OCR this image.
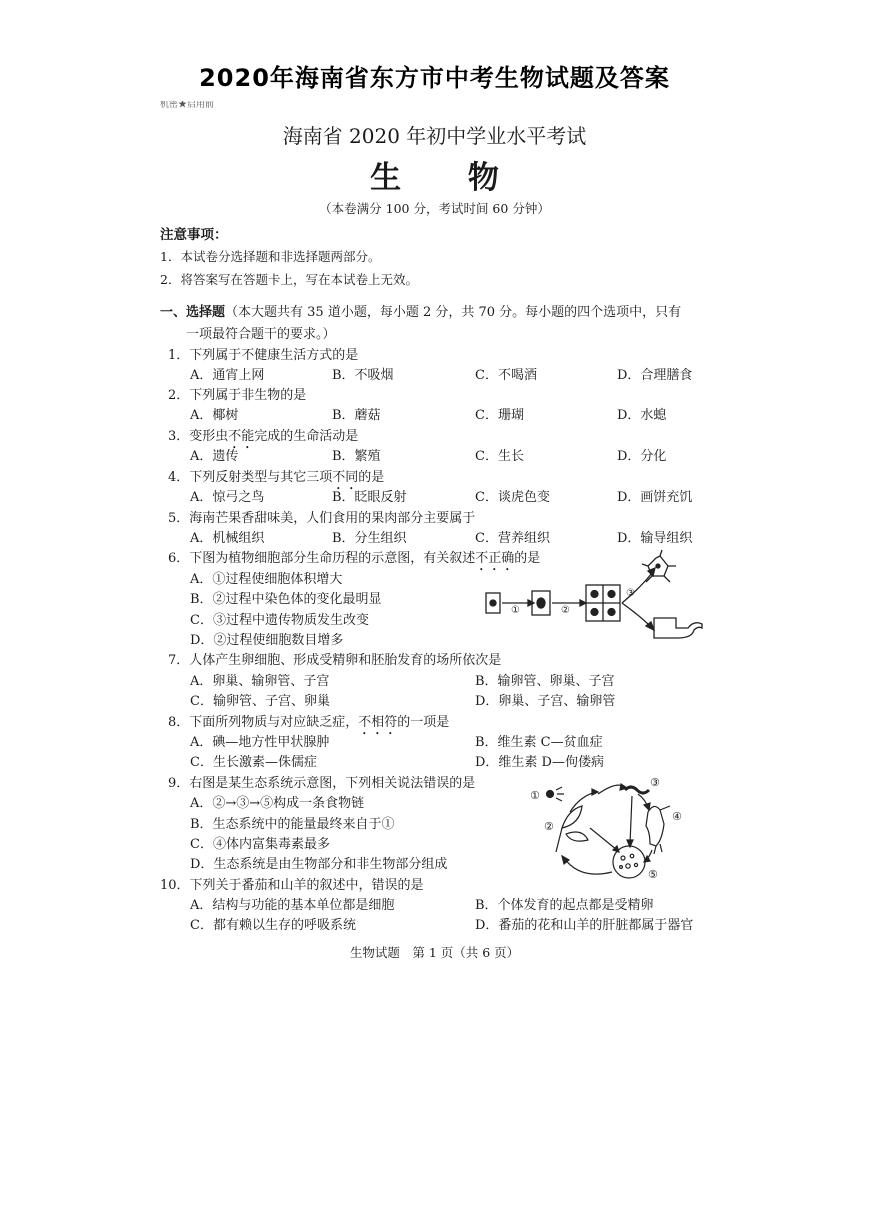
2020年海南省东方市中考生物试题及答案
机密★启用前
海南省 2020 年初中学业水平考试
生 物
（本卷满分 100 分，考试时间 60 分钟）
注意事项：
1．本试卷分选择题和非选择题两部分。
2．将答案写在答题卡上，写在本试卷上无效。
一、选择题（本大题共有 35 道小题，每小题 2 分，共 70 分。每小题的四个选项中，只有
一项最符合题干的要求。）
1．下列属于不健康生活方式的是
A．通宵上网	B．不吸烟	C．不喝酒	D．合理膳食
2．下列属于非生物的是
A．椰树	B．蘑菇	C．珊瑚	D．水螅
3．变形虫不能完成的生命活动是
A．遗传	B．繁殖	C．生长	D．分化
4．下列反射类型与其它三项不同的是
A．惊弓之鸟	B．眨眼反射	C．谈虎色变	D．画饼充饥
5．海南芒果香甜味美，人们食用的果肉部分主要属于
A．机械组织	B．分生组织	C．营养组织	D．输导组织
6．下图为植物细胞部分生命历程的示意图，有关叙述不正确的是
A．①过程使细胞体积增大
B．②过程中染色体的变化最明显
C．③过程中遗传物质发生改变
D．②过程使细胞数目增多
①	②
③
7．人体产生卵细胞、形成受精卵和胚胎发育的场所依次是
A．卵巢、输卵管、子宫	B．输卵管、卵巢、子宫
C．输卵管、子宫、卵巢	D．卵巢、子宫、输卵管
8．下面所列物质与对应缺乏症，不相符的一项是
A．碘—地方性甲状腺肿	B．维生素 C—贫血症
C．生长激素—侏儒症	D．维生素 D—佝偻病
9．右图是某生态系统示意图，下列相关说法错误的是
A．②→③→⑤构成一条食物链
B．生态系统中的能量最终来自于①
C．④体内富集毒素最多
D．生态系统是由生物部分和非生物部分组成
①
②
③
④
⑤
10．下列关于番茄和山羊的叙述中，错误的是
A．结构与功能的基本单位都是细胞	B．个体发育的起点都是受精卵
C．都有赖以生存的呼吸系统	D．番茄的花和山羊的肝脏都属于器官
生物试题　第 1 页（共 6 页）
